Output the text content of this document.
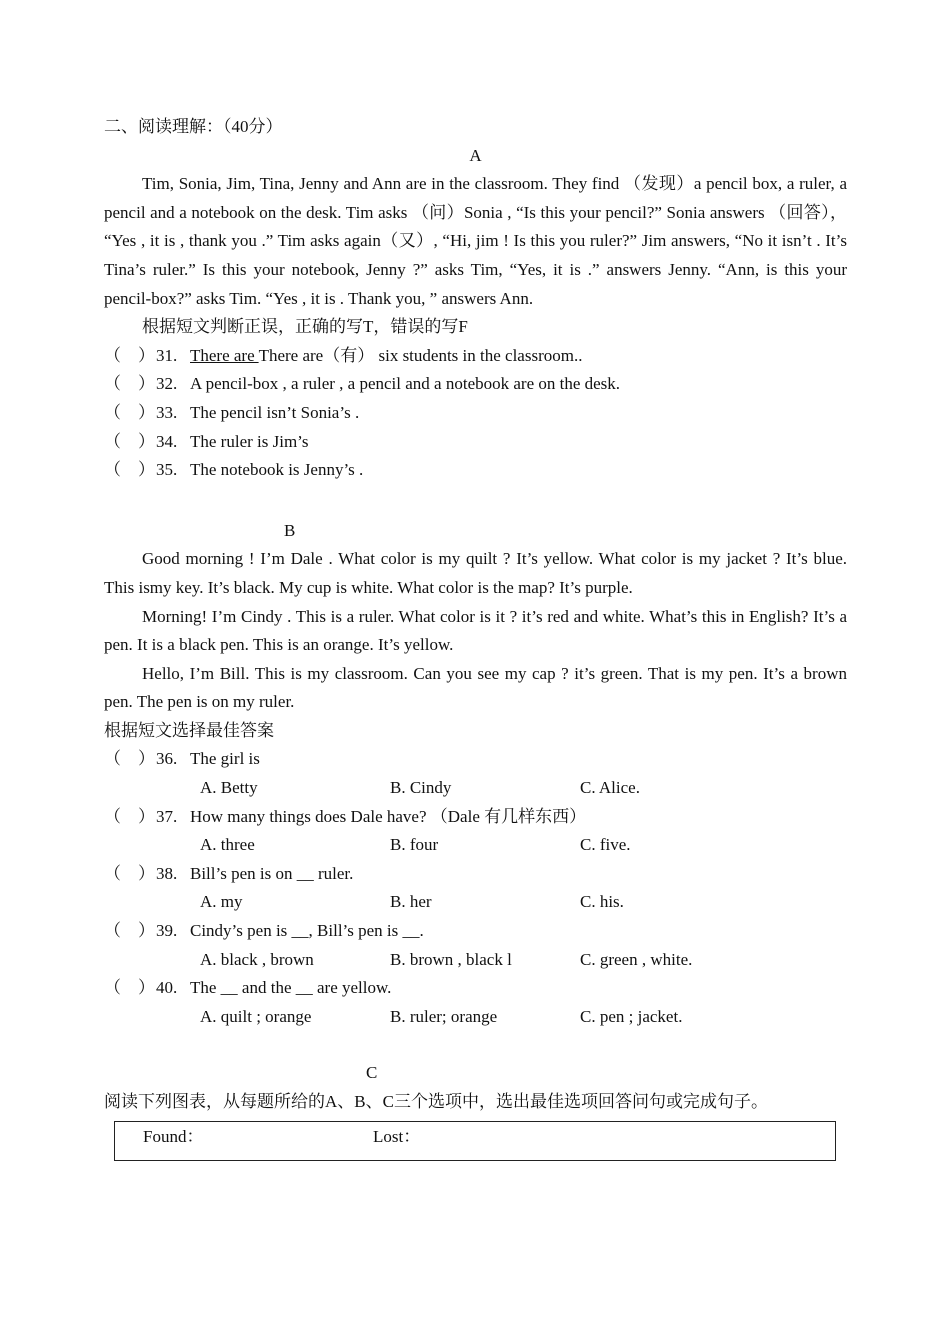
二、阅读理解：（40分）
A
Tim, Sonia, Jim, Tina, Jenny and Ann are in the classroom. They find （发现）a pencil box, a ruler, a pencil and a notebook on the desk. Tim asks （问）Sonia , “Is this your pencil?” Sonia answers （回答）， “Yes , it is , thank you .” Tim asks again（又）, “Hi, jim ! Is this you ruler?” Jim answers, “No it isn’t . It’s Tina’s ruler.” Is this your notebook, Jenny ?” asks Tim, “Yes, it is .” answers Jenny. “Ann, is this your pencil-box?” asks Tim. “Yes , it is . Thank you, ” answers Ann.
根据短文判断正误，正确的写T，错误的写F
（　） 31. There are There are（有） six students in the classroom..
（　） 32. A pencil-box , a ruler , a pencil and a notebook are on the desk.
（　） 33. The pencil isn’t Sonia’s .
（　） 34. The ruler is Jim’s
（　） 35. The notebook is Jenny’s .
B
Good morning ! I’m Dale . What color is my quilt ? It’s yellow. What color is my jacket ? It’s blue. This ismy key. It’s black. My cup is white. What color is the map? It’s purple.
Morning! I’m Cindy . This is a ruler. What color is it ? it’s red and white. What’s this in English? It’s a pen. It is a black pen. This is an orange. It’s yellow.
Hello, I’m Bill. This is my classroom. Can you see my cap ? it’s green. That is my pen. It’s a brown pen. The pen is on my ruler.
根据短文选择最佳答案
（　） 36. The girl is
A. Betty	B. Cindy	C. Alice.
（　） 37. How many things does Dale have? （Dale 有几样东西）
A. three	B. four	C. five.
（　） 38. Bill’s pen is on __ ruler.
A. my	B. her	C. his.
（　） 39. Cindy’s pen is __, Bill’s pen is __.
A. black , brown	B. brown , black l	C. green , white.
（　） 40. The __ and the __ are yellow.
A. quilt ; orange	B. ruler; orange	C. pen ; jacket.
C
阅读下列图表，从每题所给的A、B、C三个选项中，选出最佳选项回答问句或完成句子。
Found：	Lost：
